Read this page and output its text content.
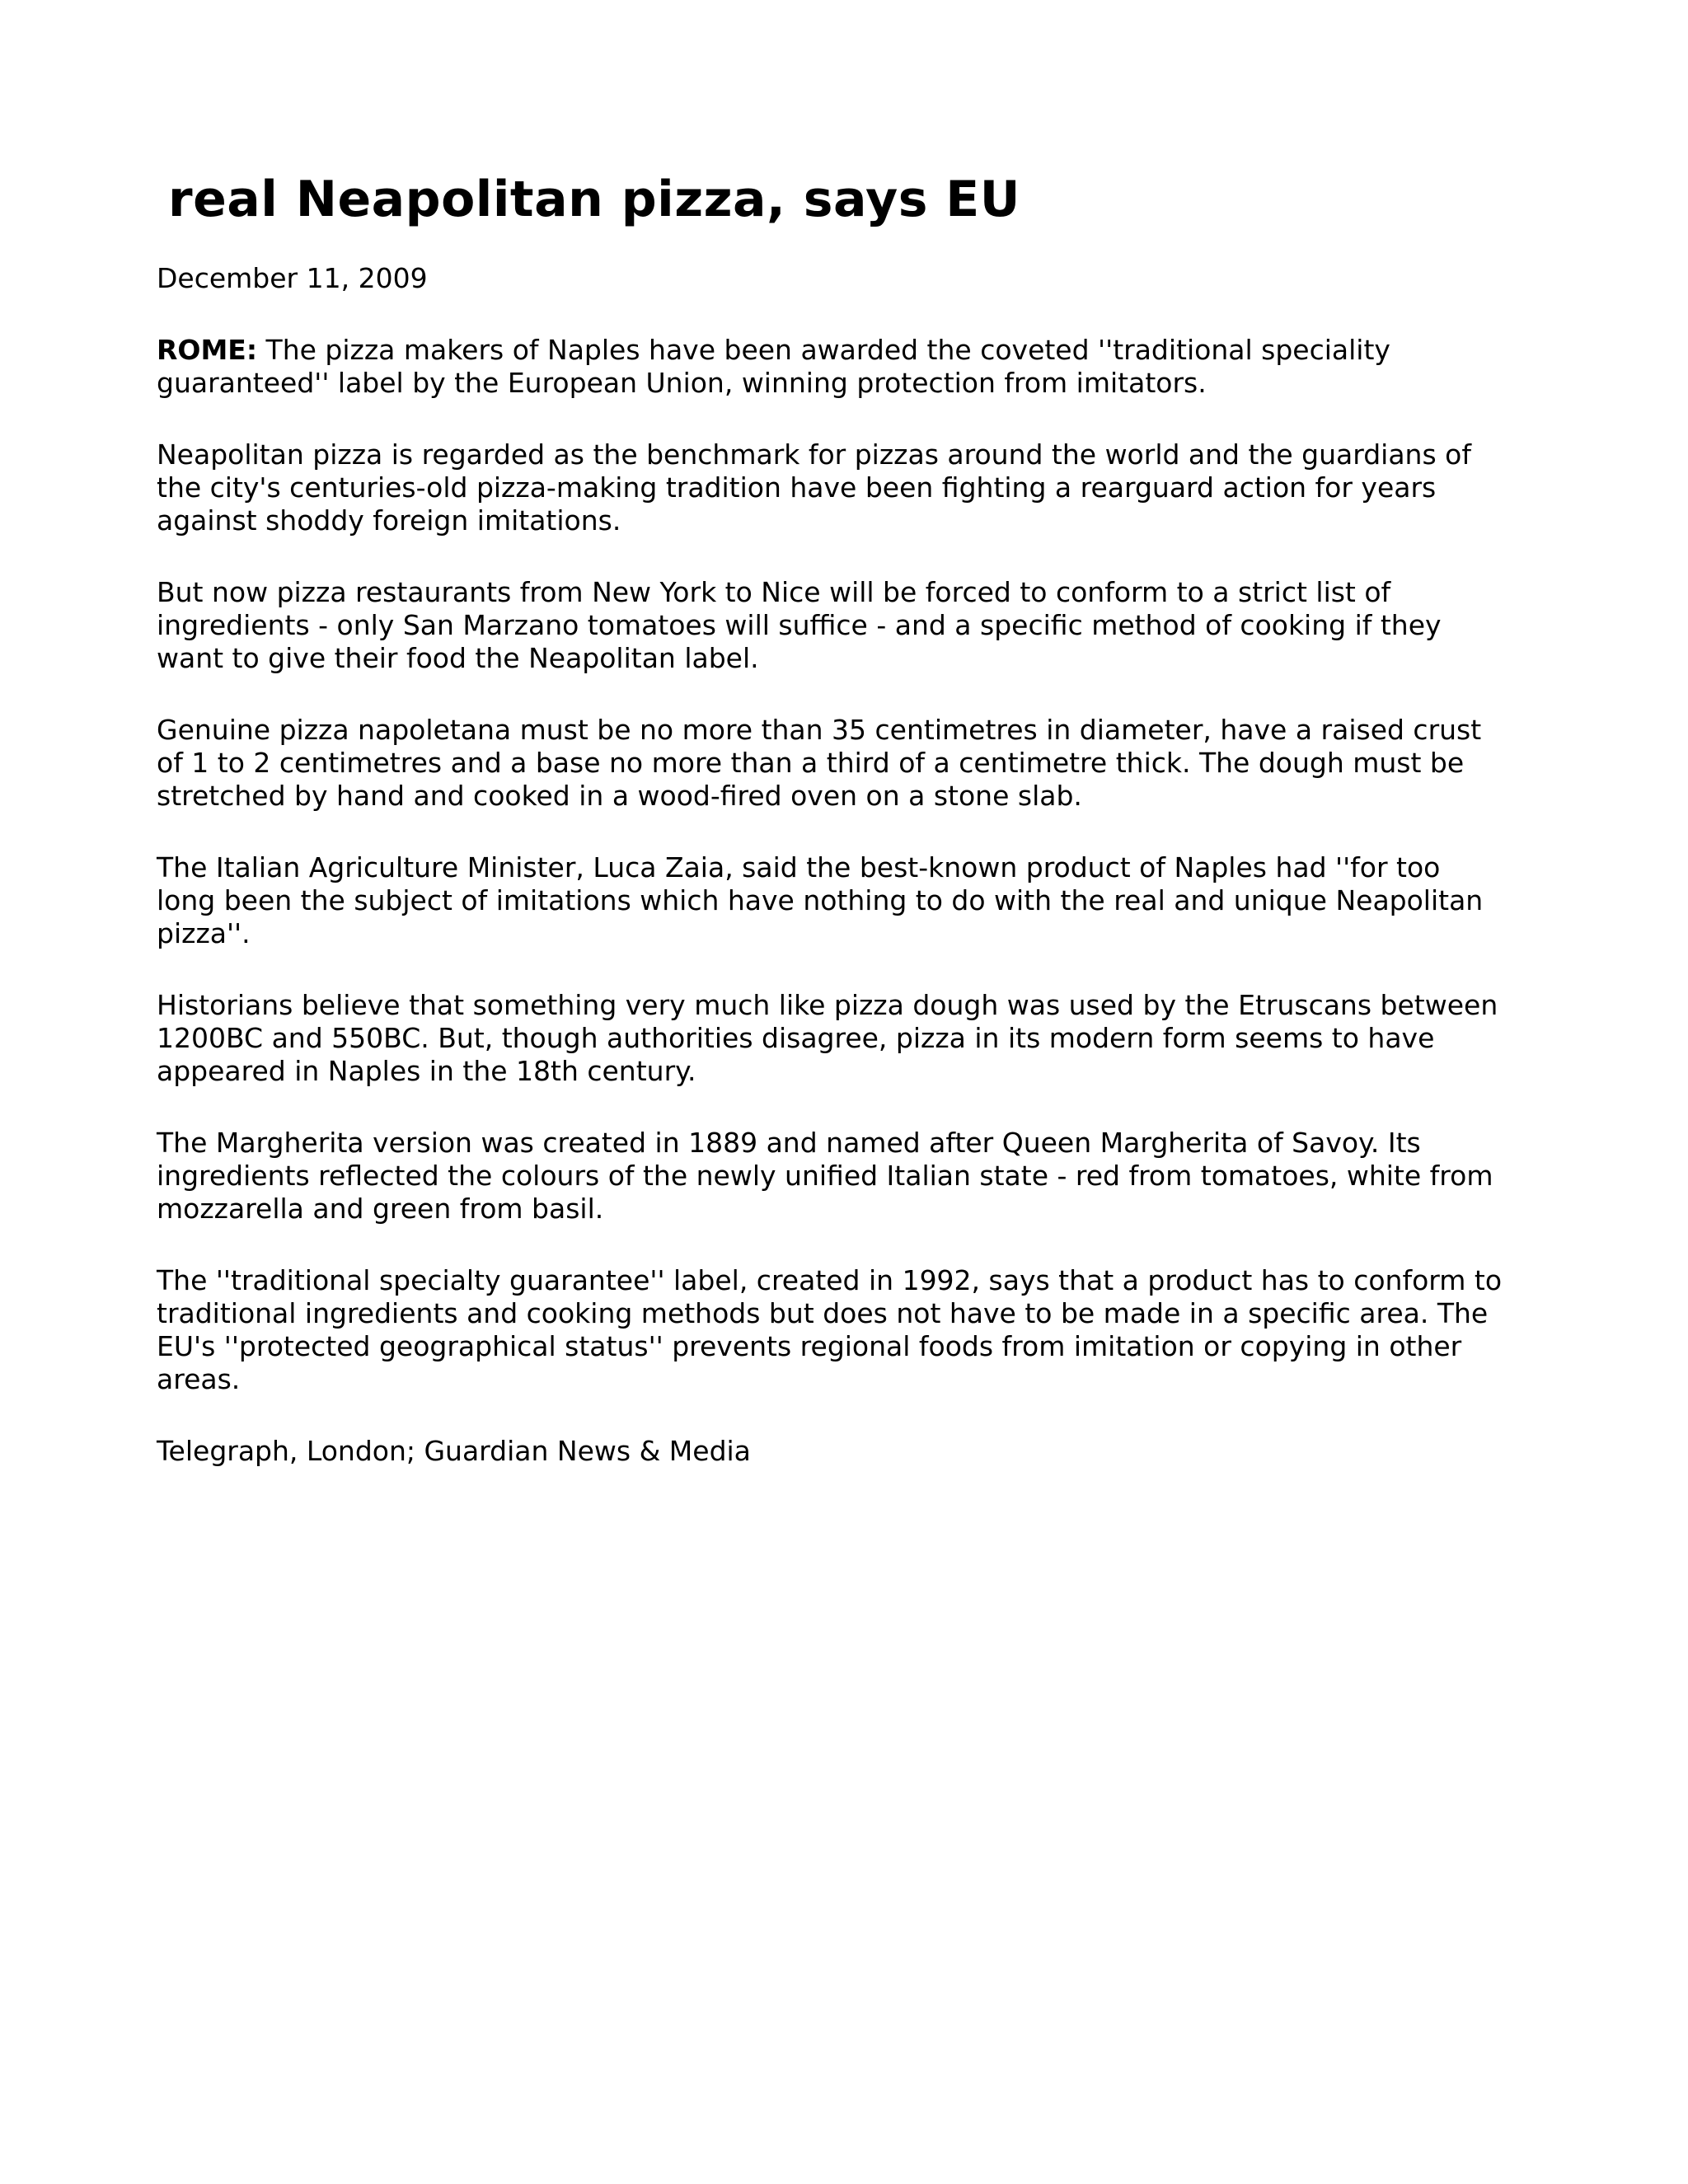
real Neapolitan pizza, says EU
December 11, 2009

ROME: The pizza makers of Naples have been awarded the coveted ''traditional speciality
guaranteed'' label by the European Union, winning protection from imitators.

Neapolitan pizza is regarded as the benchmark for pizzas around the world and the guardians of
the city's centuries-old pizza-making tradition have been fighting a rearguard action for years
against shoddy foreign imitations.

But now pizza restaurants from New York to Nice will be forced to conform to a strict list of
ingredients - only San Marzano tomatoes will suffice - and a specific method of cooking if they
want to give their food the Neapolitan label.

Genuine pizza napoletana must be no more than 35 centimetres in diameter, have a raised crust
of 1 to 2 centimetres and a base no more than a third of a centimetre thick. The dough must be
stretched by hand and cooked in a wood-fired oven on a stone slab.

The Italian Agriculture Minister, Luca Zaia, said the best-known product of Naples had ''for too
long been the subject of imitations which have nothing to do with the real and unique Neapolitan
pizza''.

Historians believe that something very much like pizza dough was used by the Etruscans between
1200BC and 550BC. But, though authorities disagree, pizza in its modern form seems to have
appeared in Naples in the 18th century.

The Margherita version was created in 1889 and named after Queen Margherita of Savoy. Its
ingredients reflected the colours of the newly unified Italian state - red from tomatoes, white from
mozzarella and green from basil.

The ''traditional specialty guarantee'' label, created in 1992, says that a product has to conform to
traditional ingredients and cooking methods but does not have to be made in a specific area. The
EU's ''protected geographical status'' prevents regional foods from imitation or copying in other
areas.

Telegraph, London; Guardian News & Media
